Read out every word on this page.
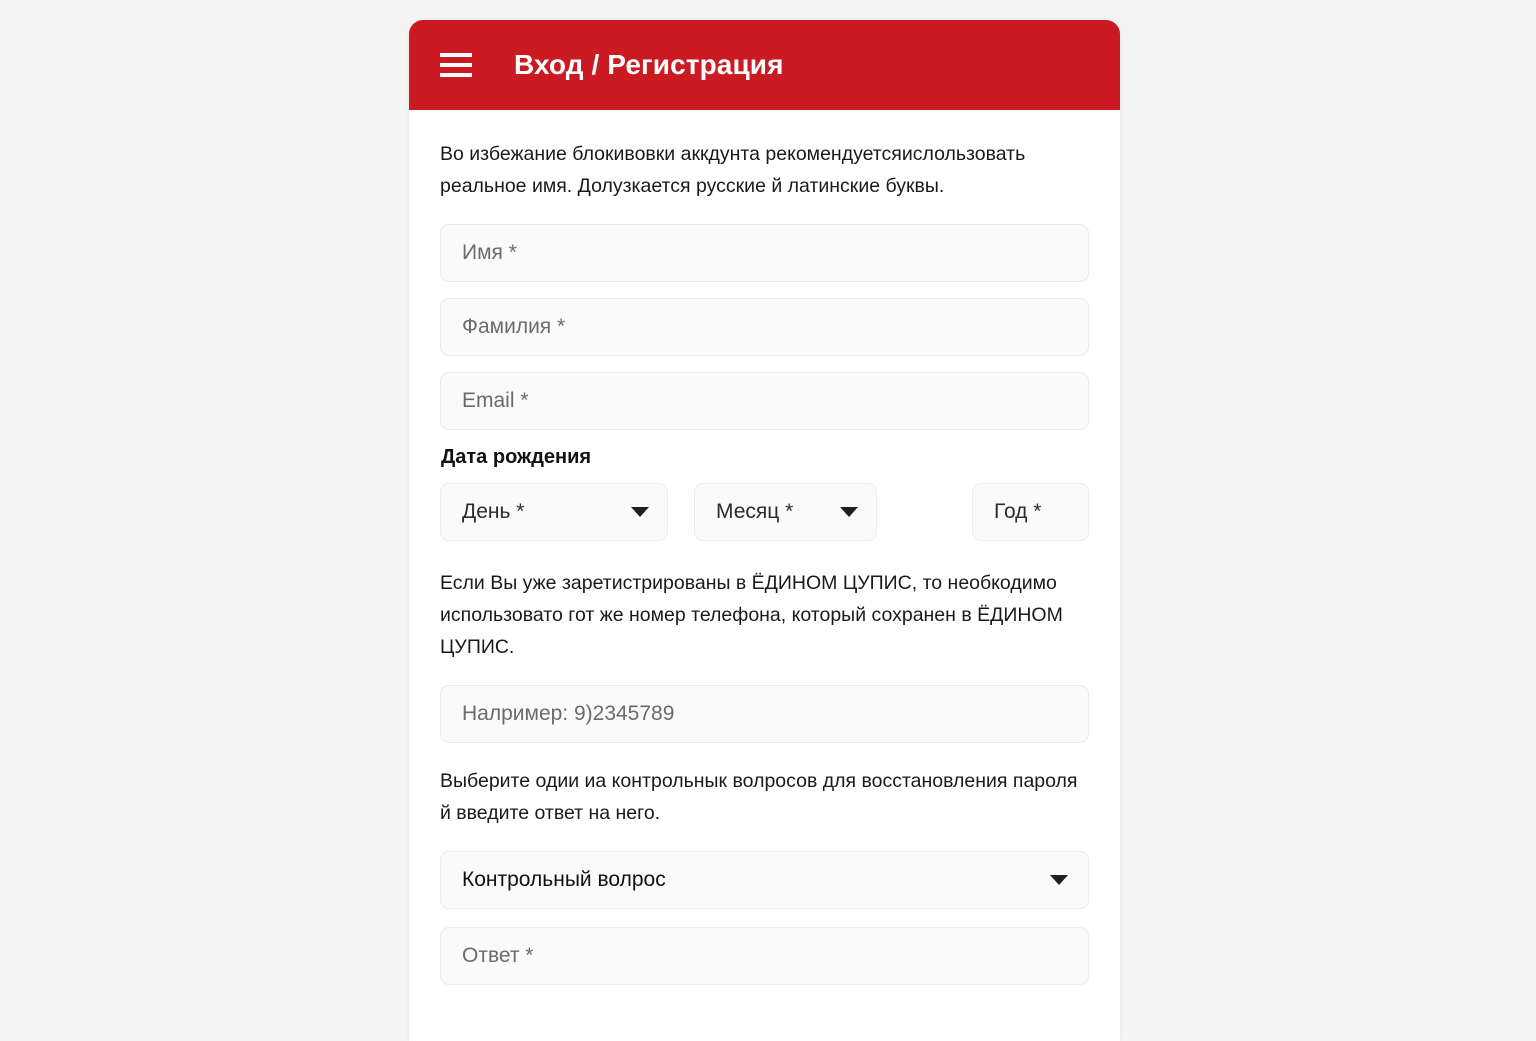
Вход / Регистрация

Во избежание блокивовки аккдунта рекомендуетсяислользовать реальное имя. Долузкается русские й латинские буквы.

Имя *
Фамилия *
Email *
Дата рождения
День *	Месяц *	Год *

Если Вы уже заретистрированы в ЁДИНОМ ЦУПИС, то необкодимо использовато гот же номер телефона, который сохранен в ЁДИНОМ ЦУПИС.

Налример: 9)2345789

Выберите одии иа контрольнык волросов для восстановления пароля й введите ответ на него.

Контрольный волрос
Ответ *
